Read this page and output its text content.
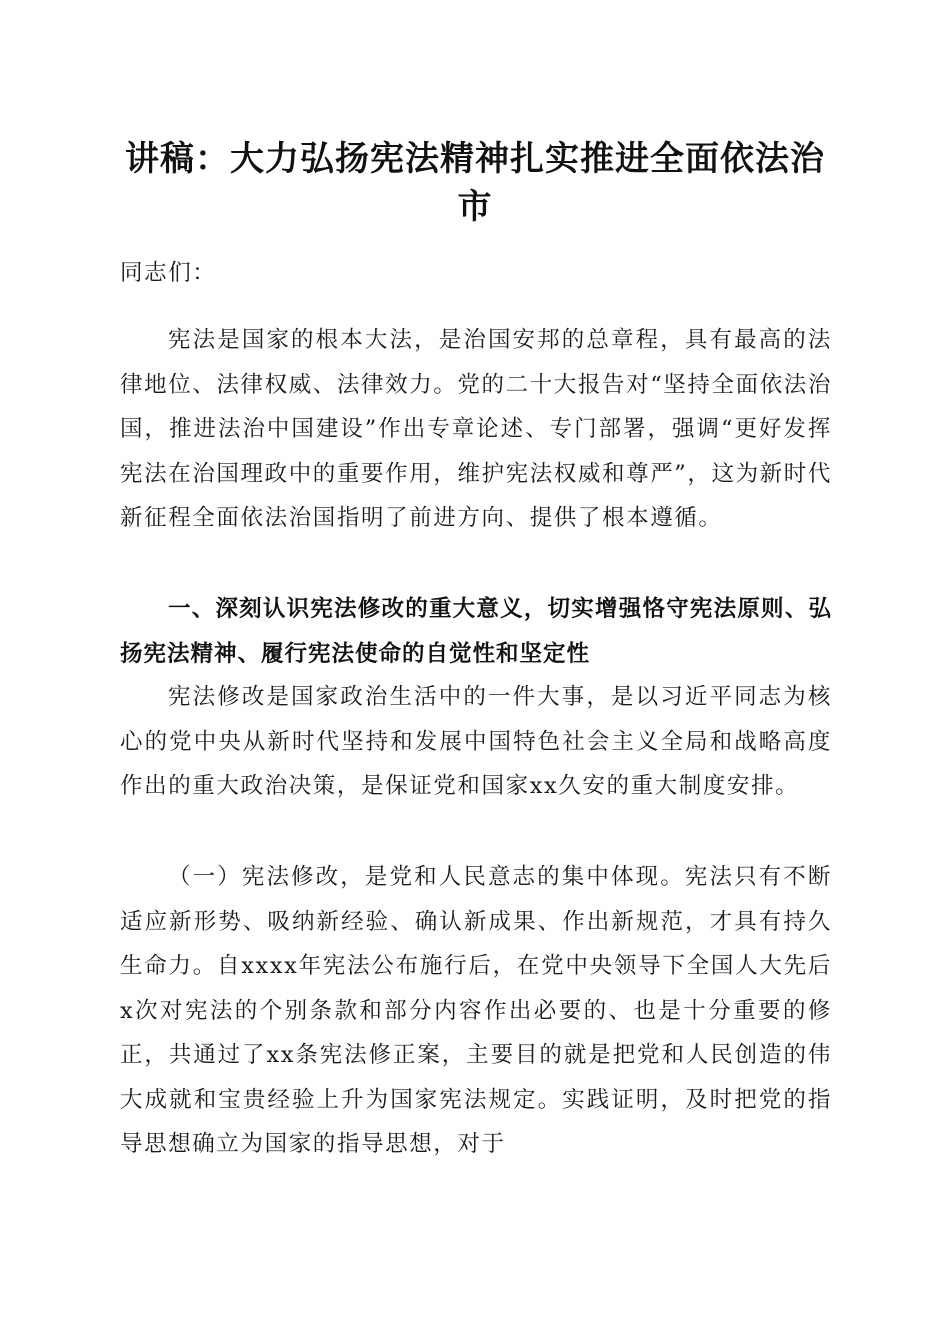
讲稿：大力弘扬宪法精神扎实推进全面依法治市

同志们：

宪法是国家的根本大法，是治国安邦的总章程，具有最高的法律地位、法律权威、法律效力。党的二十大报告对“坚持全面依法治国，推进法治中国建设”作出专章论述、专门部署，强调“更好发挥宪法在治国理政中的重要作用，维护宪法权威和尊严”，这为新时代新征程全面依法治国指明了前进方向、提供了根本遵循。

一、深刻认识宪法修改的重大意义，切实增强恪守宪法原则、弘扬宪法精神、履行宪法使命的自觉性和坚定性

宪法修改是国家政治生活中的一件大事，是以习近平同志为核心的党中央从新时代坚持和发展中国特色社会主义全局和战略高度作出的重大政治决策，是保证党和国家xx久安的重大制度安排。

（一）宪法修改，是党和人民意志的集中体现。宪法只有不断适应新形势、吸纳新经验、确认新成果、作出新规范，才具有持久生命力。自xxxx年宪法公布施行后，在党中央领导下全国人大先后x次对宪法的个别条款和部分内容作出必要的、也是十分重要的修正，共通过了xx条宪法修正案，主要目的就是把党和人民创造的伟大成就和宝贵经验上升为国家宪法规定。实践证明，及时把党的指导思想确立为国家的指导思想，对于
